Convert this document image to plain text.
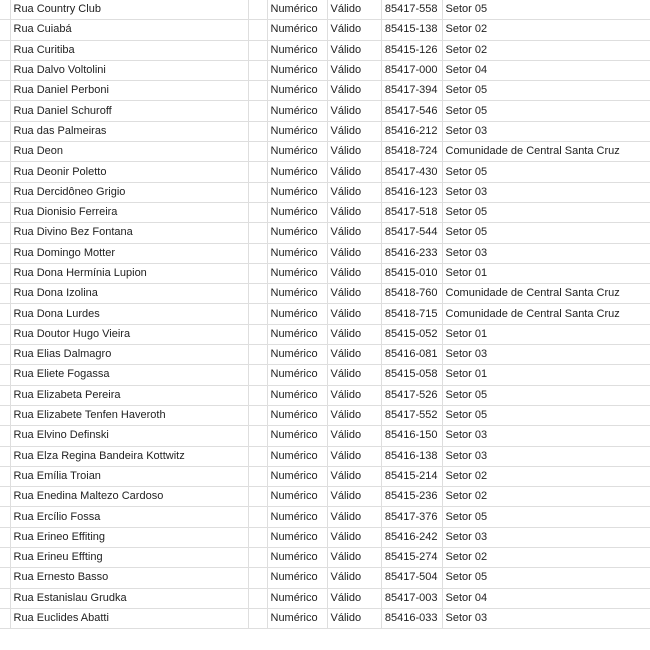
	Rua Country Club		Numérico	Válido	85417-558	Setor 05
	Rua Cuiabá		Numérico	Válido	85415-138	Setor 02
	Rua Curitiba		Numérico	Válido	85415-126	Setor 02
	Rua Dalvo Voltolini		Numérico	Válido	85417-000	Setor 04
	Rua Daniel Perboni		Numérico	Válido	85417-394	Setor 05
	Rua Daniel Schuroff		Numérico	Válido	85417-546	Setor 05
	Rua das Palmeiras		Numérico	Válido	85416-212	Setor 03
	Rua Deon		Numérico	Válido	85418-724	Comunidade de Central Santa Cruz
	Rua Deonir Poletto		Numérico	Válido	85417-430	Setor 05
	Rua Dercidôneo Grigio		Numérico	Válido	85416-123	Setor 03
	Rua Dionisio Ferreira		Numérico	Válido	85417-518	Setor 05
	Rua Divino Bez Fontana		Numérico	Válido	85417-544	Setor 05
	Rua Domingo Motter		Numérico	Válido	85416-233	Setor 03
	Rua Dona Hermínia Lupion		Numérico	Válido	85415-010	Setor 01
	Rua Dona Izolina		Numérico	Válido	85418-760	Comunidade de Central Santa Cruz
	Rua Dona Lurdes		Numérico	Válido	85418-715	Comunidade de Central Santa Cruz
	Rua Doutor Hugo Vieira		Numérico	Válido	85415-052	Setor 01
	Rua Elias Dalmagro		Numérico	Válido	85416-081	Setor 03
	Rua Eliete Fogassa		Numérico	Válido	85415-058	Setor 01
	Rua Elizabeta Pereira		Numérico	Válido	85417-526	Setor 05
	Rua Elizabete Tenfen Haveroth		Numérico	Válido	85417-552	Setor 05
	Rua Elvino Definski		Numérico	Válido	85416-150	Setor 03
	Rua Elza Regina Bandeira Kottwitz		Numérico	Válido	85416-138	Setor 03
	Rua Emília Troian		Numérico	Válido	85415-214	Setor 02
	Rua Enedina Maltezo Cardoso		Numérico	Válido	85415-236	Setor 02
	Rua Ercílio Fossa		Numérico	Válido	85417-376	Setor 05
	Rua Erineo Effiting		Numérico	Válido	85416-242	Setor 03
	Rua Erineu Effting		Numérico	Válido	85415-274	Setor 02
	Rua Ernesto Basso		Numérico	Válido	85417-504	Setor 05
	Rua Estanislau Grudka		Numérico	Válido	85417-003	Setor 04
	Rua Euclides Abatti		Numérico	Válido	85416-033	Setor 03
